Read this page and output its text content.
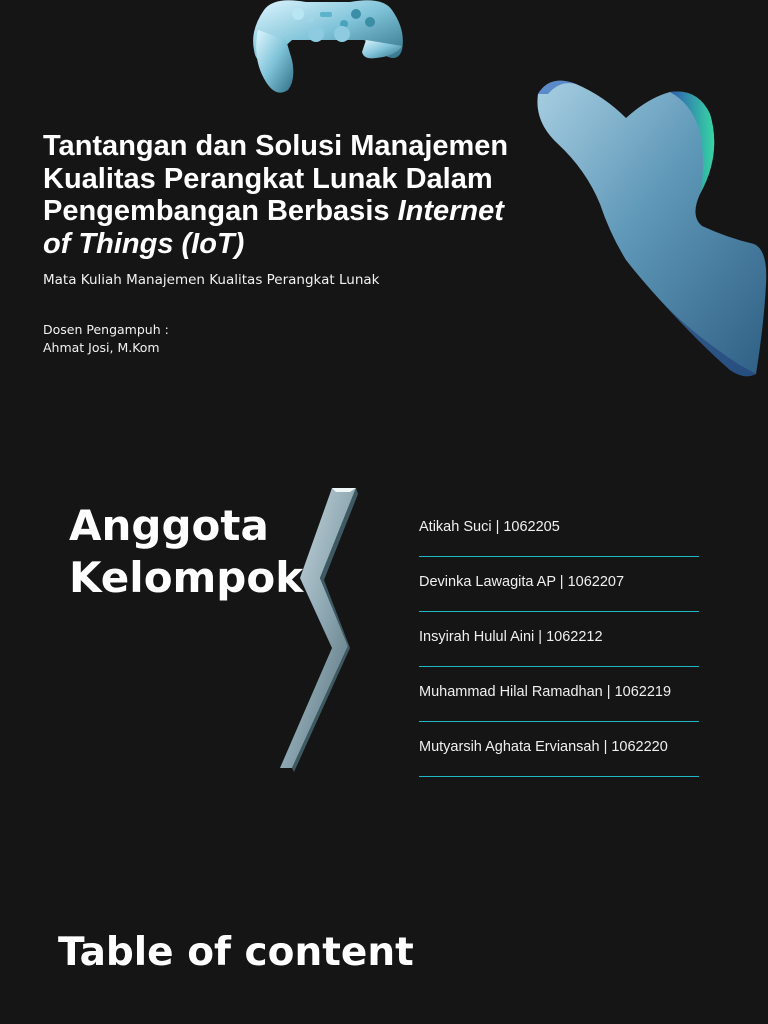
Tantangan dan Solusi Manajemen
Kualitas Perangkat Lunak Dalam
Pengembangan Berbasis Internet
of Things (IoT)

Mata Kuliah Manajemen Kualitas Perangkat Lunak

Dosen Pengampuh :

Ahmat Josi, M.Kom

Anggota
Kelompok
Atikah Suci | 1062205
Devinka Lawagita AP | 1062207
Insyirah Hulul Aini | 1062212
Muhammad Hilal Ramadhan | 1062219
Mutyarsih Aghata Erviansah | 1062220
Table of content
